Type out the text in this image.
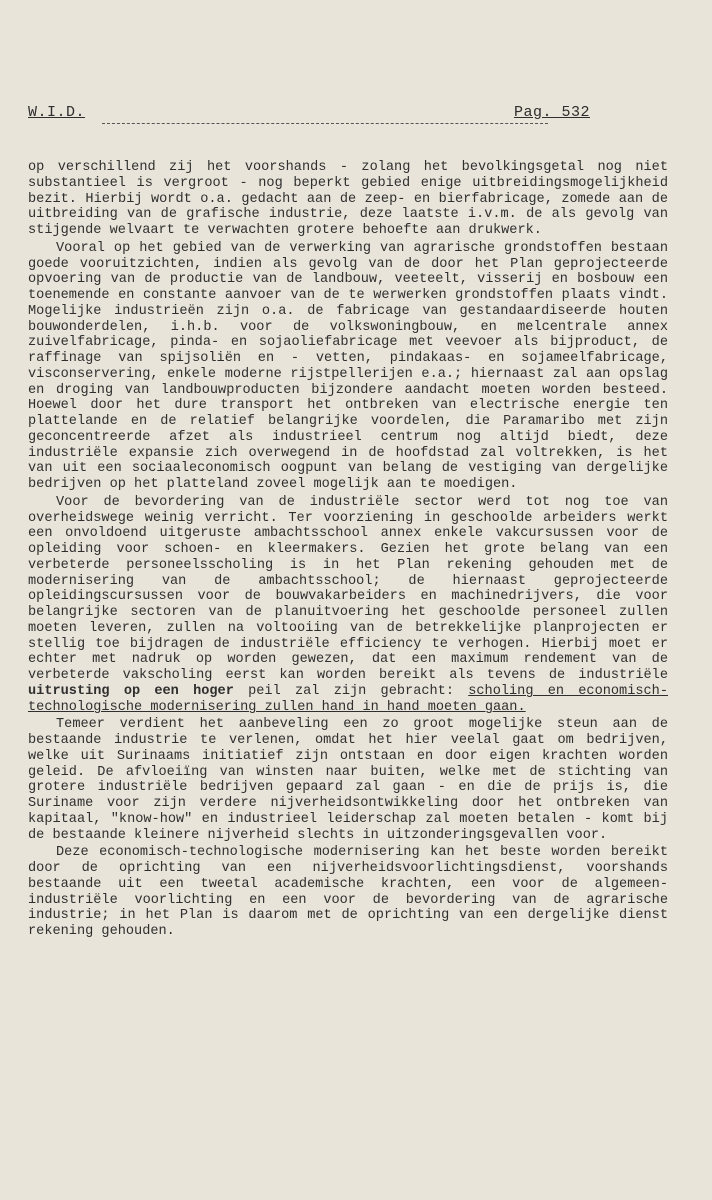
W.I.D.	Pag. 532

op verschillend zij het voorshands - zolang het bevolkingsgetal nog niet substantieel is vergroot - nog beperkt gebied enige uitbreidingsmogelijkheid bezit. Hierbij wordt o.a. gedacht aan de zeep- en bierfabricage, zomede aan de uitbreiding van de grafische industrie, deze laatste i.v.m. de als gevolg van stijgende welvaart te verwachten grotere behoefte aan drukwerk.

Vooral op het gebied van de verwerking van agrarische grondstoffen bestaan goede vooruitzichten, indien als gevolg van de door het Plan geprojecteerde opvoering van de productie van de landbouw, veeteelt, visserij en bosbouw een toenemende en constante aanvoer van de te werwerken grondstoffen plaats vindt. Mogelijke industrieën zijn o.a. de fabricage van gestandaardiseerde houten bouwonderdelen, i.h.b. voor de volkswoningbouw, en melcentrale annex zuivelfabricage, pinda- en sojaoliefabricage met veevoer als bijproduct, de raffinage van spijsoliën en - vetten, pindakaas- en sojameelfabricage, visconservering, enkele moderne rijstpellerijen e.a.; hiernaast zal aan opslag en droging van landbouwproducten bijzondere aandacht moeten worden besteed. Hoewel door het dure transport het ontbreken van electrische energie ten plattelande en de relatief belangrijke voordelen, die Paramaribo met zijn geconcentreerde afzet als industrieel centrum nog altijd biedt, deze industriële expansie zich overwegend in de hoofdstad zal voltrekken, is het van uit een sociaaleconomisch oogpunt van belang de vestiging van dergelijke bedrijven op het platteland zoveel mogelijk aan te moedigen.

Voor de bevordering van de industriële sector werd tot nog toe van overheidswege weinig verricht. Ter voorziening in geschoolde arbeiders werkt een onvoldoend uitgeruste ambachtsschool annex enkele vakcursussen voor de opleiding voor schoen- en kleermakers. Gezien het grote belang van een verbeterde personeelsscholing is in het Plan rekening gehouden met de modernisering van de ambachtsschool; de hiernaast geprojecteerde opleidingscursussen voor de bouwvakarbeiders en machinedrijvers, die voor belangrijke sectoren van de planuitvoering het geschoolde personeel zullen moeten leveren, zullen na voltooiing van de betrekkelijke planprojecten er stellig toe bijdragen de industriële efficiency te verhogen. Hierbij moet er echter met nadruk op worden gewezen, dat een maximum rendement van de verbeterde vakscholing eerst kan worden bereikt als tevens de industriële uitrusting op een hoger peil zal zijn gebracht: scholing en economisch-technologische modernisering zullen hand in hand moeten gaan.

Temeer verdient het aanbeveling een zo groot mogelijke steun aan de bestaande industrie te verlenen, omdat het hier veelal gaat om bedrijven, welke uit Surinaams initiatief zijn ontstaan en door eigen krachten worden geleid. De afvloeiïng van winsten naar buiten, welke met de stichting van grotere industriële bedrijven gepaard zal gaan - en die de prijs is, die Suriname voor zijn verdere nijverheidsontwikkeling door het ontbreken van kapitaal, "know-how" en industrieel leiderschap zal moeten betalen - komt bij de bestaande kleinere nijverheid slechts in uitzonderingsgevallen voor.

Deze economisch-technologische modernisering kan het beste worden bereikt door de oprichting van een nijverheidsvoorlichtingsdienst, voorshands bestaande uit een tweetal academische krachten, een voor de algemeen-industriële voorlichting en een voor de bevordering van de agrarische industrie; in het Plan is daarom met de oprichting van een dergelijke dienst rekening gehouden.
